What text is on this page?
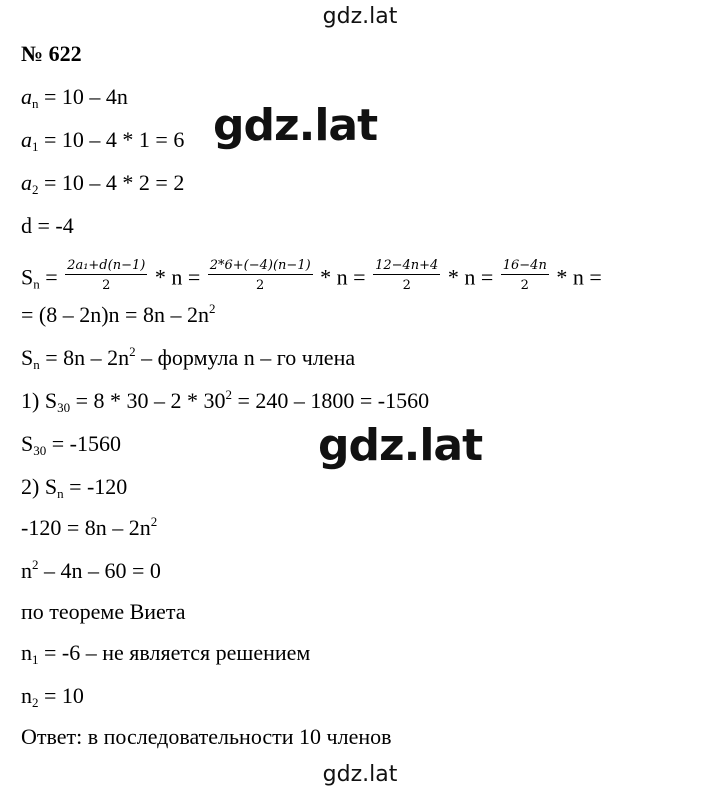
gdz.lat
gdz.lat
gdz.lat
№ 622
$a_n = 10 - 4n$
$a_1 = 10 - 4 * 1 = 6$
$a_2 = 10 - 4 * 2 = 2$
d = -4
$S_n = \frac{\text{2a₁+d(n−1)}}{2} * n = \frac{2*6+(-4)(n-1)}{2} * n = \frac{12-4n+4}{2} * n = \frac{16-4n}{2} * n$ =
= $(8 - 2n)n = 8n - 2n^2$
$S_n = 8n - 2n^2$ – формула n – го члена
1) $S_{30} = 8 * 30 - 2 * 30^2 = 240 - 1800 = -1560$
$S_{30} = -1560$
2) $S_n = -120$
$-120 = 8n - 2n^2$
$n^2 - 4n - 60 = 0$
по теореме Виета
$n_1 = -6$ – не является решением
$n_2 = 10$
Ответ: в последовательности 10 членов
gdz.lat
